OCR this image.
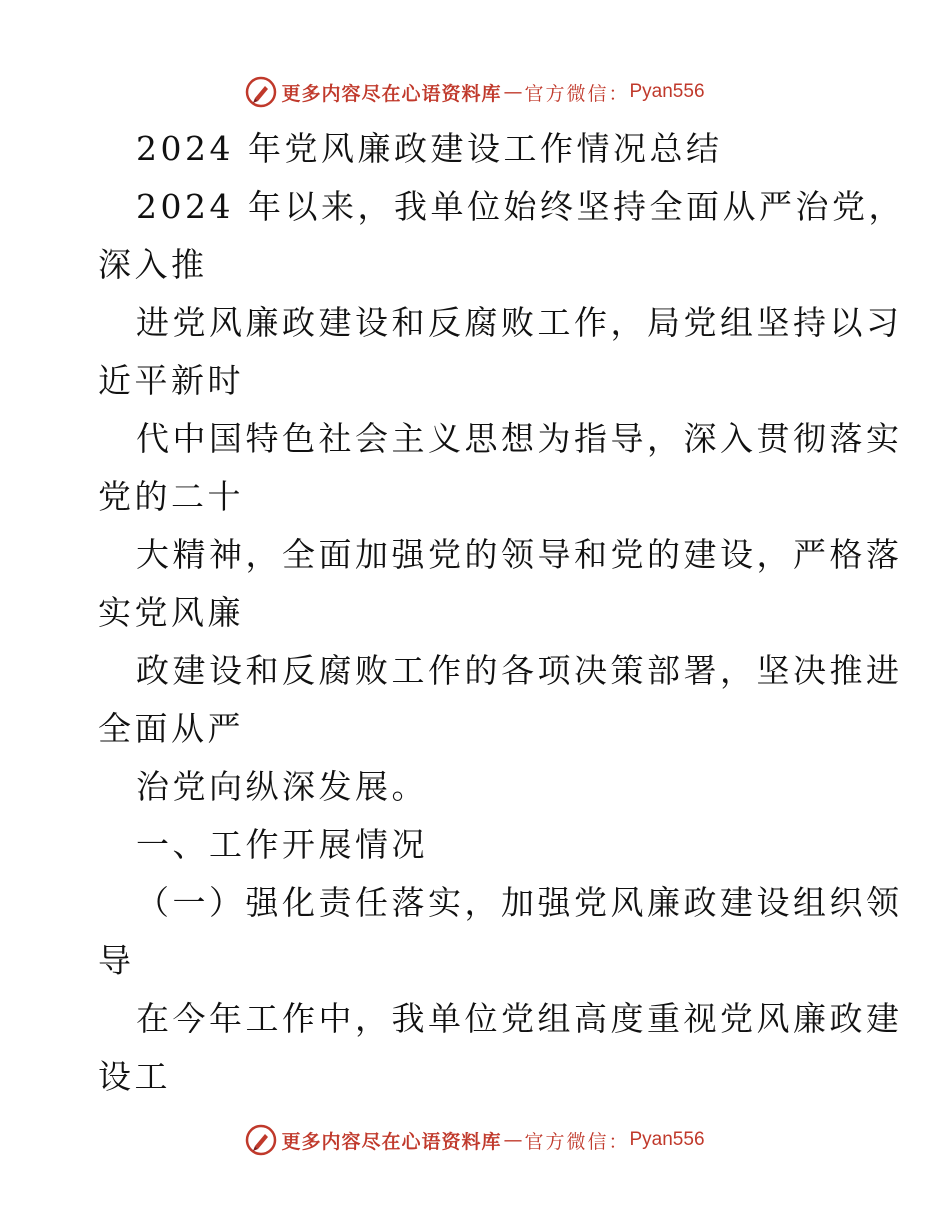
更多内容尽在心语资料库 — 官方微信： Pyan556
2024 年党风廉政建设工作情况总结
2024 年以来，我单位始终坚持全面从严治党，
深入推
进党风廉政建设和反腐败工作，局党组坚持以习
近平新时
代中国特色社会主义思想为指导，深入贯彻落实
党的二十
大精神，全面加强党的领导和党的建设，严格落
实党风廉
政建设和反腐败工作的各项决策部署，坚决推进
全面从严
治党向纵深发展。
一、工作开展情况
（一）强化责任落实，加强党风廉政建设组织领
导
在今年工作中，我单位党组高度重视党风廉政建
设工
更多内容尽在心语资料库 — 官方微信： Pyan556
